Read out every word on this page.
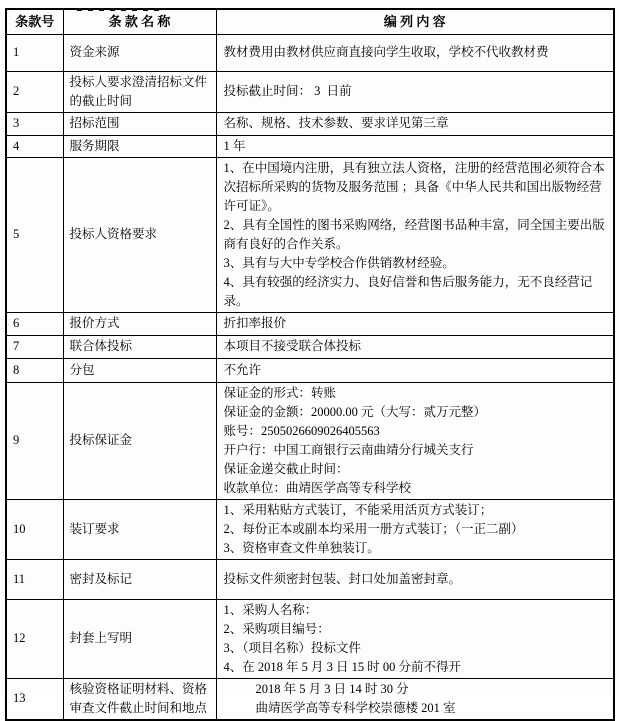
条款号	条 款 名 称	编 列 内 容
1	资金来源	教材费用由教材供应商直接向学生收取，学校不代收教材费

2	投标人要求澄清招标文件的截止时间	投标截止时间： 3  日前

3	招标范围	名称、规格、技术参数、要求详见第三章

4	服务期限	1 年

5	投标人资格要求	1、在中国境内注册，具有独立法人资格，注册的经营范围必须符合本次招标所采购的货物及服务范围 ；具备《中华人民共和国出版物经营许可证》。
2、具有全国性的图书采购网络，经营图书品种丰富，同全国主要出版商有良好的合作关系。
3、具有与大中专学校合作供销教材经验。
4、具有较强的经济实力、良好信誉和售后服务能力，无不良经营记录。

6	报价方式	折扣率报价

7	联合体投标	本项目不接受联合体投标

8	分包	不允许

9	投标保证金	
保证金的形式：转账
保证金的金额：20000.00 元（大写：贰万元整）
账号：2505026609026405563
开户行：中国工商银行云南曲靖分行城关支行
保证金递交截止时间：
收款单位：曲靖医学高等专科学校

10	装订要求	1、采用粘贴方式装订，不能采用活页方式装订；
2、每份正本或副本均采用一册方式装订；（一正二副）
3、资格审查文件单独装订。

11	密封及标记	投标文件须密封包装、封口处加盖密封章。

12	封套上写明	1、采购人名称：
2、采购项目编号：
3、（项目名称）投标文件
4、在 2018 年 5 月 3 日 15 时 00 分前不得开

13	核验资格证明材料、资格审查文件截止时间和地点	2018 年 5 月 3 日 14 时 30 分
曲靖医学高等专科学校崇德楼 201 室
